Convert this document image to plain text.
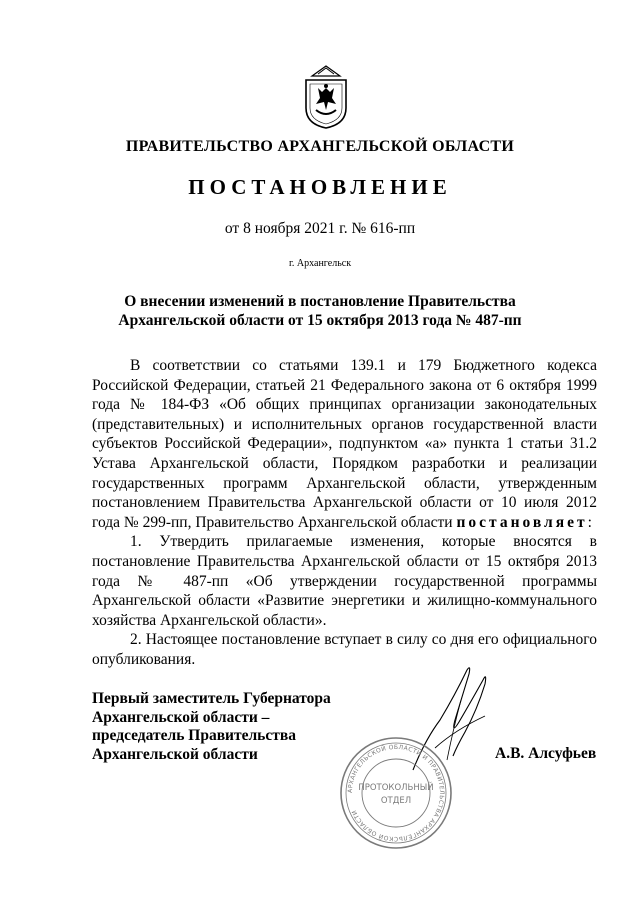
ПРАВИТЕЛЬСТВО АРХАНГЕЛЬСКОЙ ОБЛАСТИ
ПОСТАНОВЛЕНИЕ
от 8 ноября 2021 г. № 616-пп
г. Архангельск
О внесении изменений в постановление Правительства
Архангельской области от 15 октября 2013 года № 487-пп

В соответствии со статьями 139.1 и 179 Бюджетного кодекса Российской Федерации, статьей 21 Федерального закона от 6 октября 1999 года № 184-ФЗ «Об общих принципах организации законодательных (представительных) и исполнительных органов государственной власти субъектов Российской Федерации», подпунктом «а» пункта 1 статьи 31.2 Устава Архангельской области, Порядком разработки и реализации государственных программ Архангельской области, утвержденным постановлением Правительства Архангельской области от 10 июля 2012 года № 299-пп, Правительство Архангельской области постановляет:

1. Утвердить прилагаемые изменения, которые вносятся в постановление Правительства Архангельской области от 15 октября 2013 года № 487-пп «Об утверждении государственной программы Архангельской области «Развитие энергетики и жилищно-коммунального хозяйства Архангельской области».

2. Настоящее постановление вступает в силу со дня его официального опубликования.

Первый заместитель Губернатора
Архангельской области –
председатель Правительства
Архангельской области	А.В. Алсуфьев
АРХАНГЕЛЬСКОЙ ОБЛАСТИ И ПРАВИТЕЛЬСТВА АРХАНГЕЛЬСКОЙ ОБЛАСТИ
ПРОТОКОЛЬНЫЙ
ОТДЕЛ
